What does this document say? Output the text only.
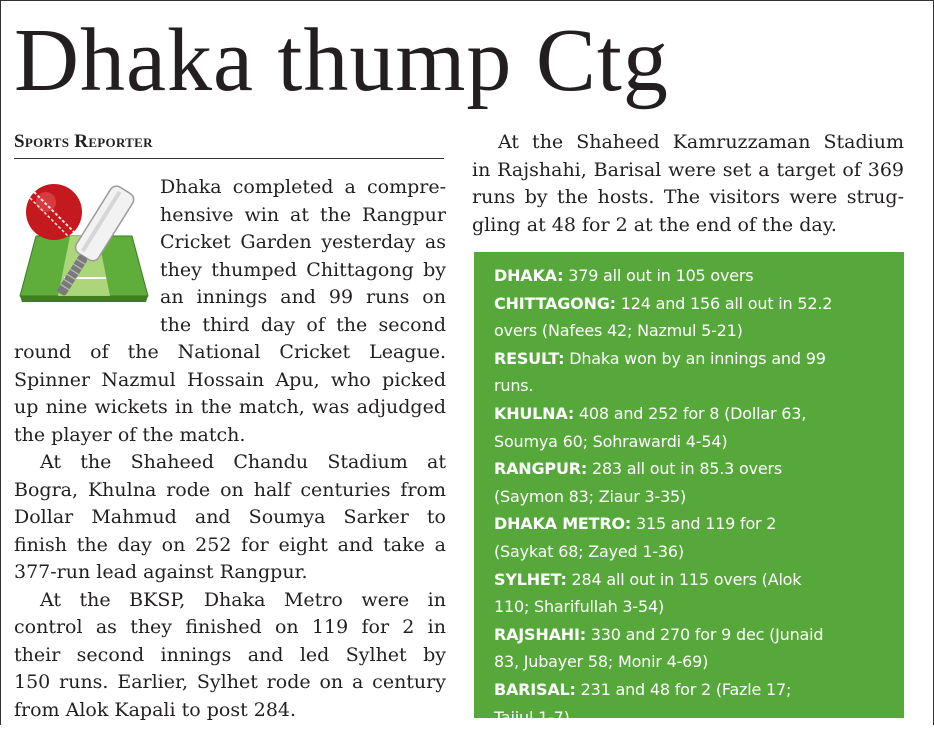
Dhaka thump Ctg
Sports Reporter
Dhaka completed a compre-
hensive win at the Rangpur
Cricket Garden yesterday as
they thumped Chittagong by
an innings and 99 runs on
the third day of the second
round of the National Cricket League.
Spinner Nazmul Hossain Apu, who picked
up nine wickets in the match, was adjudged
the player of the match.
At the Shaheed Chandu Stadium at
Bogra, Khulna rode on half centuries from
Dollar Mahmud and Soumya Sarker to
finish the day on 252 for eight and take a
377-run lead against Rangpur.
At the BKSP, Dhaka Metro were in
control as they finished on 119 for 2 in
their second innings and led Sylhet by
150 runs. Earlier, Sylhet rode on a century
from Alok Kapali to post 284.
At the Shaheed Kamruzzaman Stadium
in Rajshahi, Barisal were set a target of 369
runs by the hosts. The visitors were strug-
gling at 48 for 2 at the end of the day.
DHAKA: 379 all out in 105 overs
CHITTAGONG: 124 and 156 all out in 52.2
overs (Nafees 42; Nazmul 5-21)
RESULT: Dhaka won by an innings and 99
runs.
KHULNA: 408 and 252 for 8 (Dollar 63,
Soumya 60; Sohrawardi 4-54)
RANGPUR: 283 all out in 85.3 overs
(Saymon 83; Ziaur 3-35)
DHAKA METRO: 315 and 119 for 2
(Saykat 68; Zayed 1-36)
SYLHET: 284 all out in 115 overs (Alok
110; Sharifullah 3-54)
RAJSHAHI: 330 and 270 for 9 dec (Junaid
83, Jubayer 58; Monir 4-69)
BARISAL: 231 and 48 for 2 (Fazle 17;
Taijul 1-7)
